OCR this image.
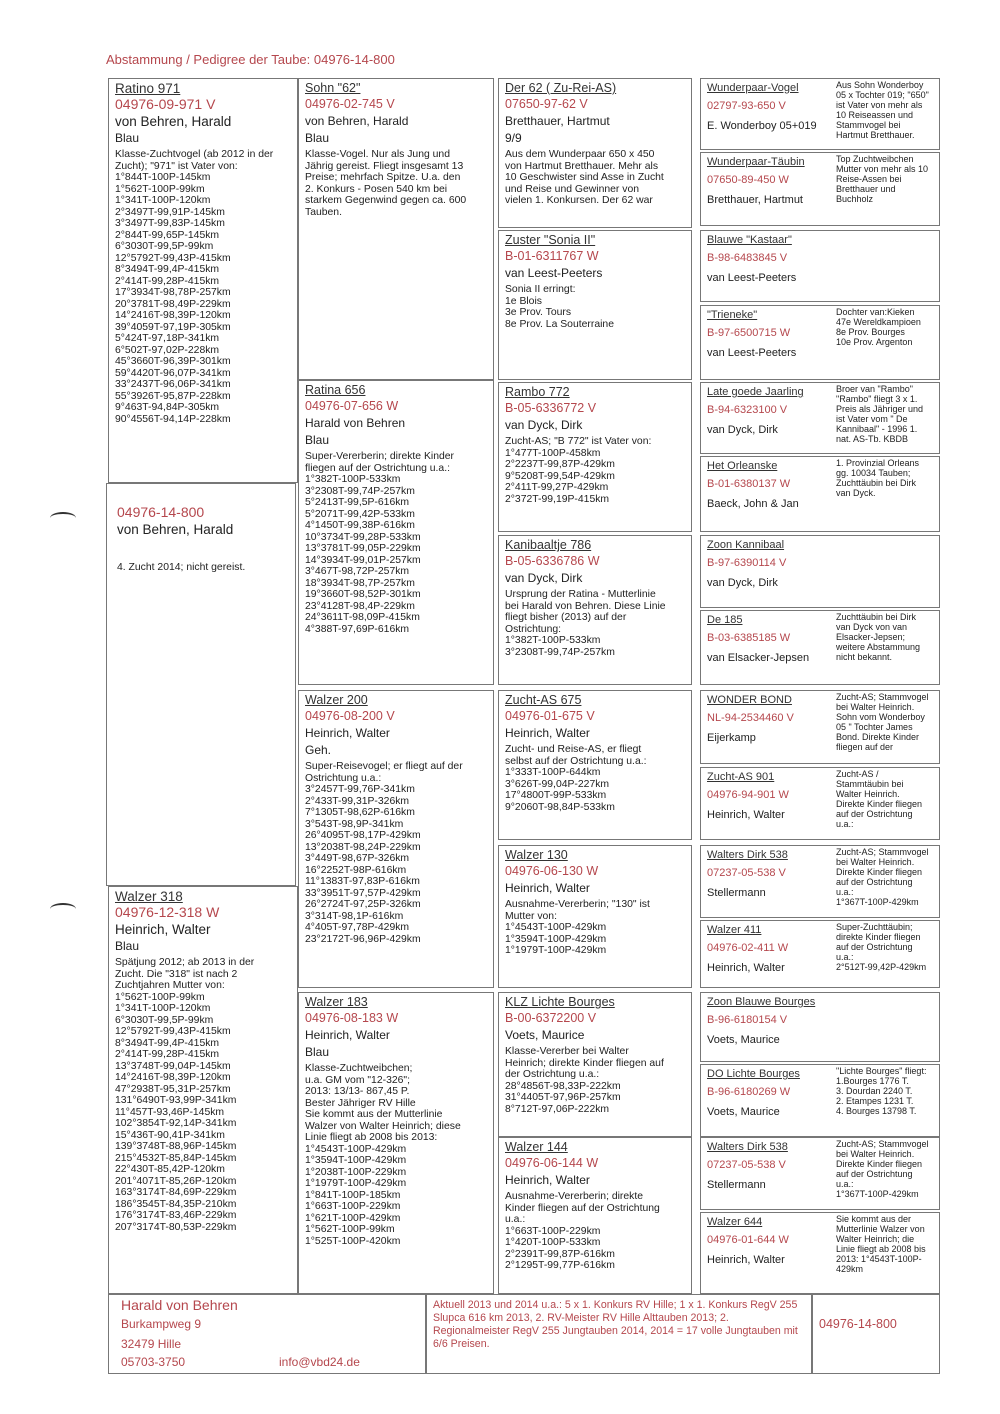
Abstammung / Pedigree der Taube: 04976-14-800
04976-14-800
von Behren, Harald
4. Zucht 2014; nicht gereist.
Ratino 971
04976-09-971 V
von Behren, Harald
Blau
Klasse-Zuchtvogel (ab 2012 in der
Zucht); "971" ist Vater von:
1°844T-100P-145km
1°562T-100P-99km
1°341T-100P-120km
2°3497T-99,91P-145km
3°3497T-99,83P-145km
2°844T-99,65P-145km
6°3030T-99,5P-99km
12°5792T-99,43P-415km
8°3494T-99,4P-415km
2°414T-99,28P-415km
17°3934T-98,78P-257km
20°3781T-98,49P-229km
14°2416T-98,39P-120km
39°4059T-97,19P-305km
5°424T-97,18P-341km
6°502T-97,02P-228km
45°3660T-96,39P-301km
59°4420T-96,07P-341km
33°2437T-96,06P-341km
55°3926T-95,87P-228km
9°463T-94,84P-305km
90°4556T-94,14P-228km
Walzer 318
04976-12-318 W
Heinrich, Walter
Blau
Spätjung 2012; ab 2013 in der
Zucht. Die "318" ist nach 2
Zuchtjahren Mutter von:
1°562T-100P-99km
1°341T-100P-120km
6°3030T-99,5P-99km
12°5792T-99,43P-415km
8°3494T-99,4P-415km
2°414T-99,28P-415km
13°3748T-99,04P-145km
14°2416T-98,39P-120km
47°2938T-95,31P-257km
131°6490T-93,99P-341km
11°457T-93,46P-145km
102°3854T-92,14P-341km
15°436T-90,41P-341km
139°3748T-88,96P-145km
215°4532T-85,84P-145km
22°430T-85,42P-120km
201°4071T-85,26P-120km
163°3174T-84,69P-229km
186°3545T-84,35P-210km
176°3174T-83,46P-229km
207°3174T-80,53P-229km
Sohn "62"
04976-02-745 V
von Behren, Harald
Blau
Klasse-Vogel. Nur als Jung und
Jährig gereist. Fliegt insgesamt 13
Preise; mehrfach Spitze. U.a. den
2. Konkurs - Posen 540 km bei
starkem Gegenwind gegen ca. 600
Tauben.
Ratina 656
04976-07-656 W
Harald von Behren
Blau
Super-Vererberin; direkte Kinder
fliegen auf der Ostrichtung u.a.:
1°382T-100P-533km
3°2308T-99,74P-257km
5°2413T-99,5P-616km
5°2071T-99,42P-533km
4°1450T-99,38P-616km
10°3734T-99,28P-533km
13°3781T-99,05P-229km
14°3934T-99,01P-257km
3°467T-98,72P-257km
18°3934T-98,7P-257km
19°3660T-98,52P-301km
23°4128T-98,4P-229km
24°3611T-98,09P-415km
4°388T-97,69P-616km
Walzer 200
04976-08-200 V
Heinrich, Walter
Geh.
Super-Reisevogel; er fliegt auf der
Ostrichtung u.a.:
3°2457T-99,76P-341km
2°433T-99,31P-326km
7°1305T-98,62P-616km
3°543T-98,9P-341km
26°4095T-98,17P-429km
13°2038T-98,24P-229km
3°449T-98,67P-326km
16°2252T-98P-616km
11°1383T-97,83P-616km
33°3951T-97,57P-429km
26°2724T-97,25P-326km
3°314T-98,1P-616km
4°405T-97,78P-429km
23°2172T-96,96P-429km
Walzer 183
04976-08-183 W
Heinrich, Walter
Blau
Klasse-Zuchtweibchen;
u.a. GM vom "12-326";
2013: 13/13- 867,45 P.
Bester Jähriger RV Hille
Sie kommt aus der Mutterlinie
Walzer von Walter Heinrich; diese
Linie fliegt ab 2008 bis 2013:
1°4543T-100P-429km
1°3594T-100P-429km
1°2038T-100P-229km
1°1979T-100P-429km
1°841T-100P-185km
1°663T-100P-229km
1°621T-100P-429km
1°562T-100P-99km
1°525T-100P-420km
Der 62 ( Zu-Rei-AS)
07650-97-62 V
Bretthauer, Hartmut
9/9
Aus dem Wunderpaar 650 x 450
von Hartmut Bretthauer. Mehr als
10 Geschwister sind Asse in Zucht
und Reise und Gewinner von
vielen 1. Konkursen. Der 62 war
Zuster "Sonia II"
B-01-6311767 W
van Leest-Peeters
Sonia II erringt:
1e Blois
3e Prov. Tours
8e Prov. La Souterraine
Rambo 772
B-05-6336772 V
van Dyck, Dirk
Zucht-AS; "B 772" ist Vater von:
1°477T-100P-458km
2°2237T-99,87P-429km
9°5208T-99,54P-429km
2°411T-99,27P-429km
2°372T-99,19P-415km
Kanibaaltje 786
B-05-6336786 W
van Dyck, Dirk
Ursprung der Ratina - Mutterlinie
bei Harald von Behren. Diese Linie
fliegt bisher (2013) auf der
Ostrichtung:
1°382T-100P-533km
3°2308T-99,74P-257km
Zucht-AS 675
04976-01-675 V
Heinrich, Walter
Zucht- und Reise-AS, er fliegt
selbst auf der Ostrichtung u.a.:
1°333T-100P-644km
3°626T-99,04P-227km
17°4800T-99P-533km
9°2060T-98,84P-533km
Walzer 130
04976-06-130 W
Heinrich, Walter
Ausnahme-Vererberin; "130" ist
Mutter von:
1°4543T-100P-429km
1°3594T-100P-429km
1°1979T-100P-429km
KLZ Lichte Bourges
B-00-6372200 V
Voets, Maurice
Klasse-Vererber bei Walter
Heinrich; direkte Kinder fliegen auf
der Ostrichtung u.a.:
28°4856T-98,33P-222km
31°4405T-97,96P-257km
8°712T-97,06P-222km
Walzer 144
04976-06-144 W
Heinrich, Walter
Ausnahme-Vererberin; direkte
Kinder fliegen auf der Ostrichtung
u.a.:
1°663T-100P-229km
1°420T-100P-533km
2°2391T-99,87P-616km
2°1295T-99,77P-616km
Wunderpaar-Vogel
02797-93-650 V
E. Wonderboy 05+019
Aus Sohn Wonderboy
05 x Tochter 019; "650"
ist Vater von mehr als
10 Reiseassen und
Stammvogel bei
Hartmut Bretthauer.
Wunderpaar-Täubin
07650-89-450 W
Bretthauer, Hartmut
Top Zuchtweibchen
Mutter von mehr als 10
Reise-Assen bei
Bretthauer und
Buchholz
Blauwe "Kastaar"
B-98-6483845 V
van Leest-Peeters
"Trieneke"
B-97-6500715 W
van Leest-Peeters
Dochter van:Kieken
47e Wereldkampioen
8e Prov. Bourges
10e Prov. Argenton
Late goede Jaarling
B-94-6323100 V
van Dyck, Dirk
Broer van "Rambo"
"Rambo" fliegt 3 x 1.
Preis als Jähriger und
ist Vater vom " De
Kannibaal" - 1996 1.
nat. AS-Tb. KBDB
Het Orleanske
B-01-6380137 W
Baeck, John & Jan
1. Provinzial Orleans
gg. 10034 Tauben;
Zuchttäubin bei Dirk
van Dyck.
Zoon Kannibaal
B-97-6390114 V
van Dyck, Dirk
De 185
B-03-6385185 W
van Elsacker-Jepsen
Zuchttäubin bei Dirk
van Dyck von van
Elsacker-Jepsen;
weitere Abstammung
nicht bekannt.
WONDER BOND
NL-94-2534460 V
Eijerkamp
Zucht-AS; Stammvogel
bei Walter Heinrich.
Sohn vom Wonderboy
05 " Tochter James
Bond. Direkte Kinder
fliegen auf der
Zucht-AS 901
04976-94-901 W
Heinrich, Walter
Zucht-AS /
Stammtäubin bei
Walter Heinrich.
Direkte Kinder fliegen
auf der Ostrichtung
u.a.:
Walters Dirk 538
07237-05-538 V
Stellermann
Zucht-AS; Stammvogel
bei Walter Heinrich.
Direkte Kinder fliegen
auf der Ostrichtung
u.a.:
1°367T-100P-429km
Walzer 411
04976-02-411 W
Heinrich, Walter
Super-Zuchttäubin;
direkte Kinder fliegen
auf der Ostrichtung
u.a.:
2°512T-99,42P-429km
Zoon Blauwe Bourges
B-96-6180154 V
Voets, Maurice
DO Lichte Bourges
B-96-6180269 W
Voets, Maurice
"Lichte Bourges" fliegt:
1.Bourges 1776 T.
3. Dourdan 2240 T.
2. Etampes 1231 T.
4. Bourges 13798 T.
Walters Dirk 538
07237-05-538 V
Stellermann
Zucht-AS; Stammvogel
bei Walter Heinrich.
Direkte Kinder fliegen
auf der Ostrichtung
u.a.:
1°367T-100P-429km
Walzer 644
04976-01-644 W
Heinrich, Walter
Sie kommt aus der
Mutterlinie Walzer von
Walter Heinrich; die
Linie fliegt ab 2008 bis
2013: 1°4543T-100P-
429km
Harald von Behren
Burkampweg 9
32479 Hille
05703-3750	info@vbd24.de
Aktuell 2013 und 2014 u.a.: 5 x 1. Konkurs RV Hille; 1 x 1. Konkurs RegV 255 Slupca 616 km 2013, 2. RV-Meister RV Hille Alttauben 2013; 2. Regionalmeister RegV 255 Jungtauben 2014, 2014 = 17 volle Jungtauben mit 6/6 Preisen.
04976-14-800
